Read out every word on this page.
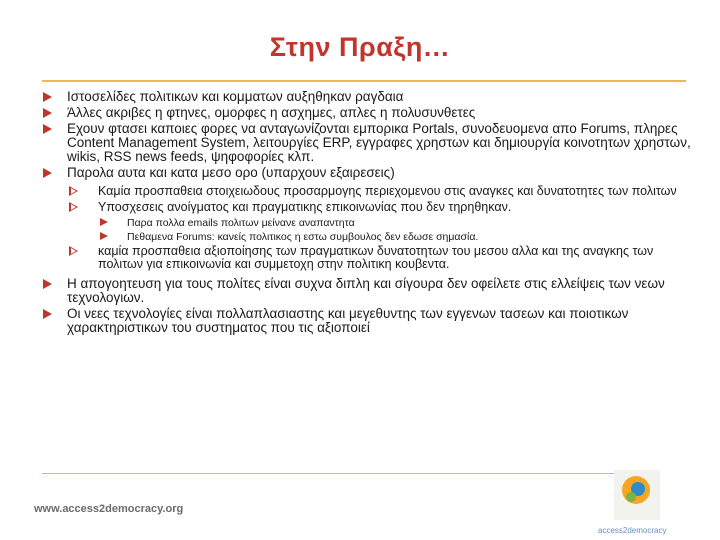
Στην Πραξη…
Ιστοσελίδες πολιτικων και κομματων αυξηθηκαν ραγδαια
Άλλες ακριβες η φτηνες, ομορφες η ασχημες, απλες η πολυσυνθετες
Εχουν φτασει καποιες φορες να ανταγωνίζονται εμπορικα Portals, συνοδευομενα απο Forums, πληρες Content Management System, λειτουργίες ERP, εγγραφες χρηστων και δημιουργία κοινοτητων χρηστων, wikis, RSS news feeds, ψηφοφορίες κλπ.
Παρολα αυτα και κατα μεσο ορο (υπαρχουν εξαιρεσεις)
Καμία προσπαθεια στοιχειωδους προσαρμογης περιεχομενου στις αναγκες και δυνατοτητες των πολιτων
Υποσχεσεις ανοίγματος και πραγματικης επικοινωνίας που δεν τηρηθηκαν.
Παρα πολλα emails πολιτων μείνανε αναπαντητα
Πεθαμενα Forums: κανείς πολιτικος η εστω συμβουλος δεν εδωσε σημασία.
καμία προσπαθεια αξιοποίησης των πραγματικων δυνατοτητων του μεσου αλλα και της αναγκης των πολιτων για επικοινωνία και συμμετοχη στην πολιτικη κουβεντα.
Η απογοητευση για τους πολίτες είναι συχνα διπλη και σίγουρα δεν οφείλετε στις ελλείψεις των νεων τεχνολογιων.
Οι νεες τεχνολογίες είναι πολλαπλασιαστης και μεγεθυντης των εγγενων τασεων και ποιοτικων χαρακτηριστικων του συστηματος που τις αξιοποιεί
www.access2democracy.org
access2democracy
